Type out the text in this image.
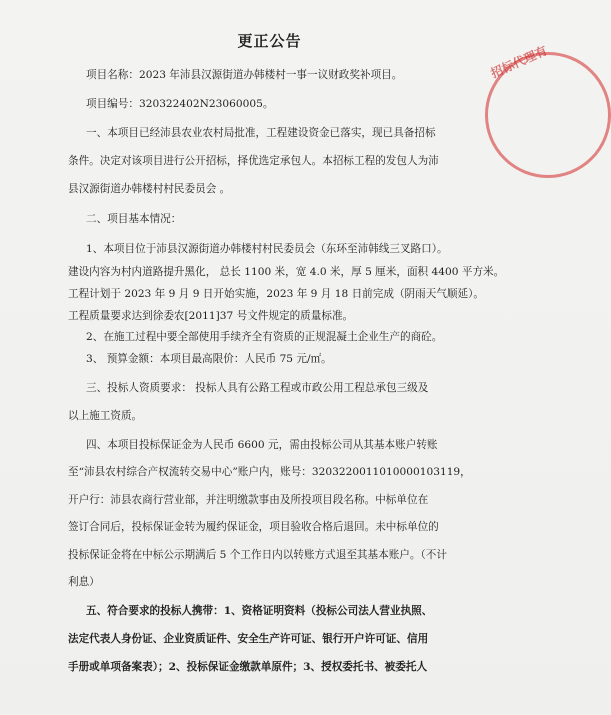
更正公告
项目名称：2023 年沛县汉源街道办韩楼村一事一议财政奖补项目。
项目编号：320322402N23060005。
一、本项目已经沛县农业农村局批准，工程建设资金已落实，现已具备招标
条件。决定对该项目进行公开招标，择优选定承包人。本招标工程的发包人为沛
县汉源街道办韩楼村村民委员会 。
二、项目基本情况：
1、本项目位于沛县汉源街道办韩楼村村民委员会（东环至沛韩线三叉路口）。
建设内容为村内道路提升黑化， 总长 1100 米，宽 4.0 米，厚 5 厘米，面积 4400 平方米。
工程计划于 2023 年 9 月 9 日开始实施，2023 年 9 月 18 日前完成（阴雨天气顺延）。
工程质量要求达到徐委农[2011]37 号文件规定的质量标准。
2、在施工过程中要全部使用手续齐全有资质的正规混凝土企业生产的商砼。
3、 预算金额：本项目最高限价：人民币 75 元/㎡。
三、投标人资质要求： 投标人具有公路工程或市政公用工程总承包三级及
以上施工资质。
四、本项目投标保证金为人民币 6600 元，需由投标公司从其基本账户转账
至“沛县农村综合产权流转交易中心”账户内，账号：3203220011010000103119，
开户行：沛县农商行营业部，并注明缴款事由及所投项目段名称。中标单位在
签订合同后，投标保证金转为履约保证金，项目验收合格后退回。未中标单位的
投标保证金将在中标公示期满后 5 个工作日内以转账方式退至其基本账户。（不计
利息）
五、符合要求的投标人携带：1、资格证明资料（投标公司法人营业执照、
法定代表人身份证、企业资质证件、安全生产许可证、银行开户许可证、信用
手册或单项备案表）；2、投标保证金缴款单原件；3、授权委托书、被委托人
招标代理有
